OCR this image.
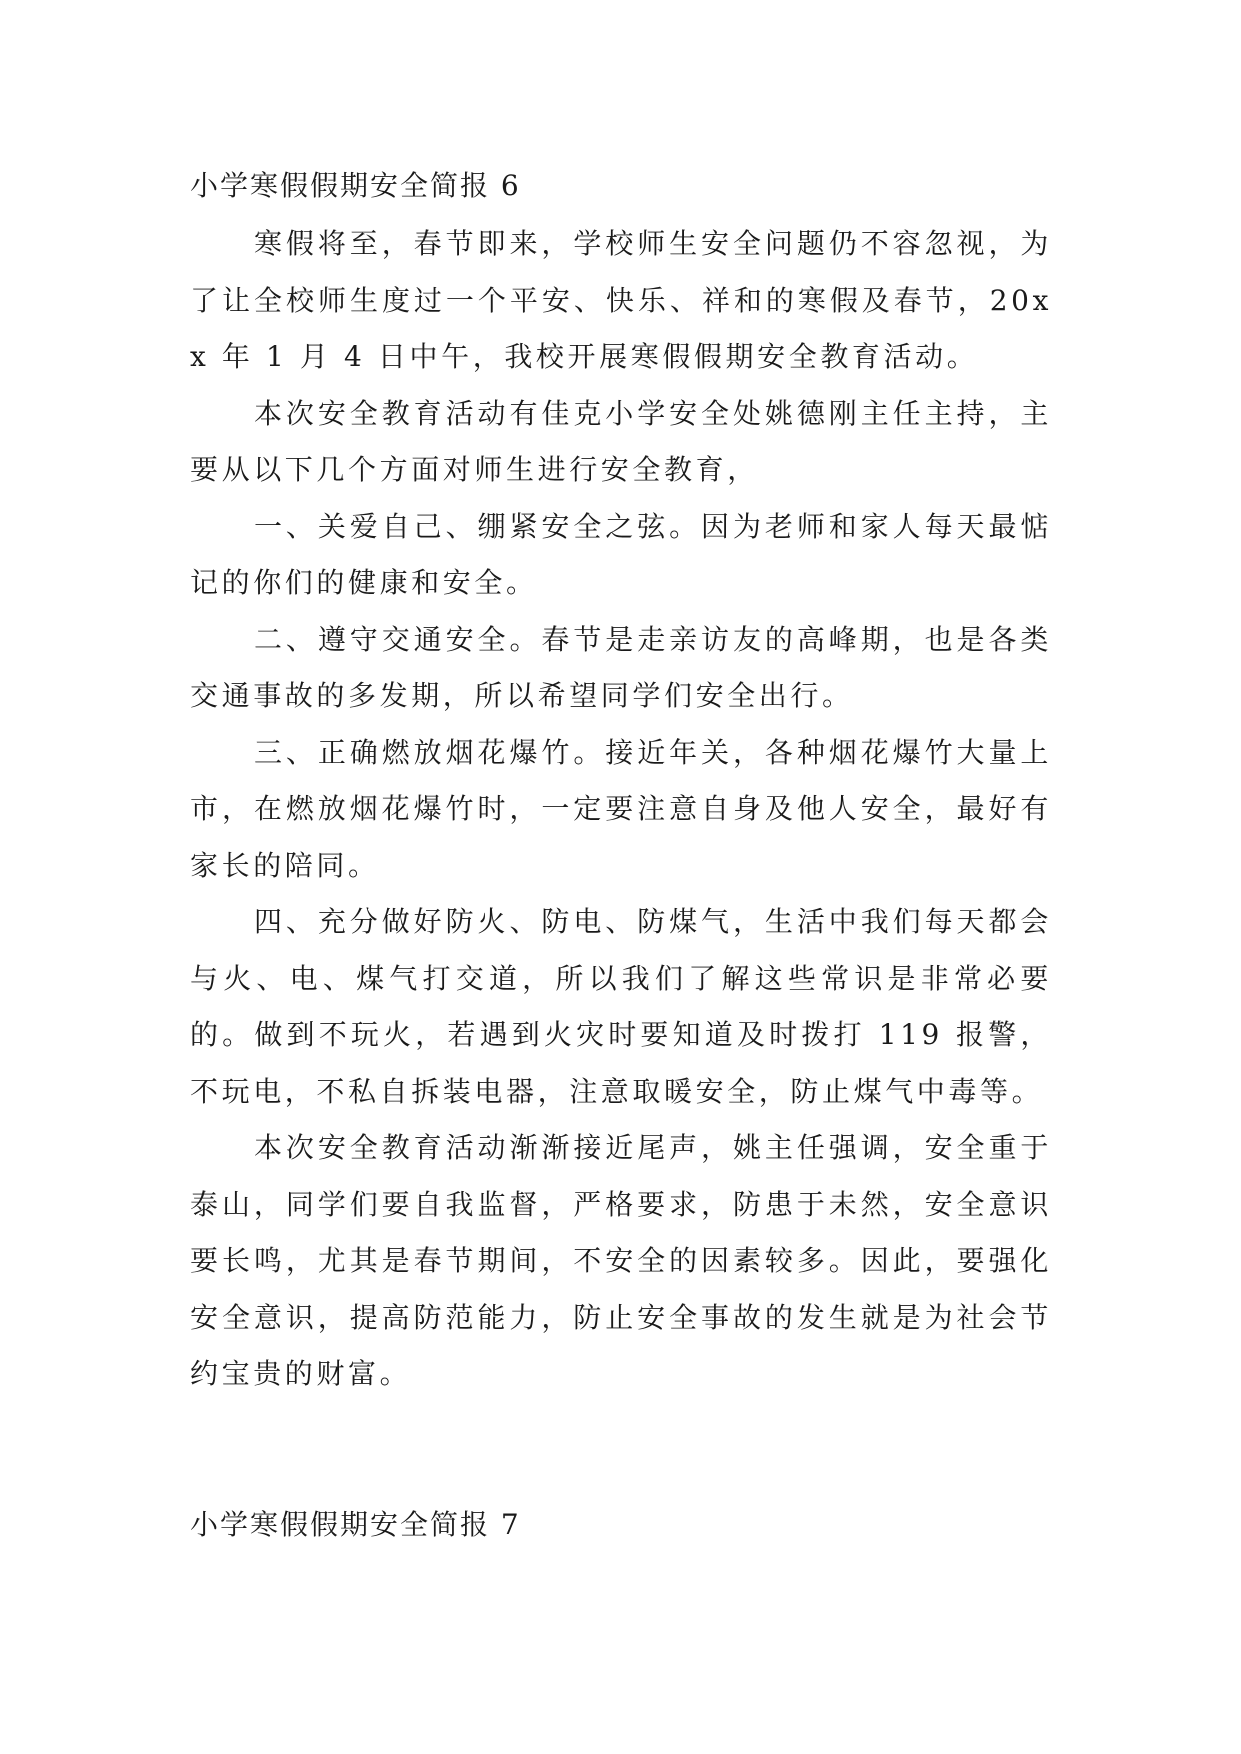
小学寒假假期安全简报 6

寒假将至，春节即来，学校师生安全问题仍不容忽视，为了让全校师生度过一个平安、快乐、祥和的寒假及春节，20xx 年 1 月 4 日中午，我校开展寒假假期安全教育活动。

本次安全教育活动有佳克小学安全处姚德刚主任主持，主要从以下几个方面对师生进行安全教育，

一、关爱自己、绷紧安全之弦。因为老师和家人每天最惦记的你们的健康和安全。

二、遵守交通安全。春节是走亲访友的高峰期，也是各类交通事故的多发期，所以希望同学们安全出行。

三、正确燃放烟花爆竹。接近年关，各种烟花爆竹大量上市，在燃放烟花爆竹时，一定要注意自身及他人安全，最好有家长的陪同。

四、充分做好防火、防电、防煤气，生活中我们每天都会与火、电、煤气打交道，所以我们了解这些常识是非常必要的。做到不玩火，若遇到火灾时要知道及时拨打 119 报警，不玩电，不私自拆装电器，注意取暖安全，防止煤气中毒等。

本次安全教育活动渐渐接近尾声，姚主任强调，安全重于泰山，同学们要自我监督，严格要求，防患于未然，安全意识要长鸣，尤其是春节期间，不安全的因素较多。因此，要强化安全意识，提高防范能力，防止安全事故的发生就是为社会节约宝贵的财富。

小学寒假假期安全简报 7
